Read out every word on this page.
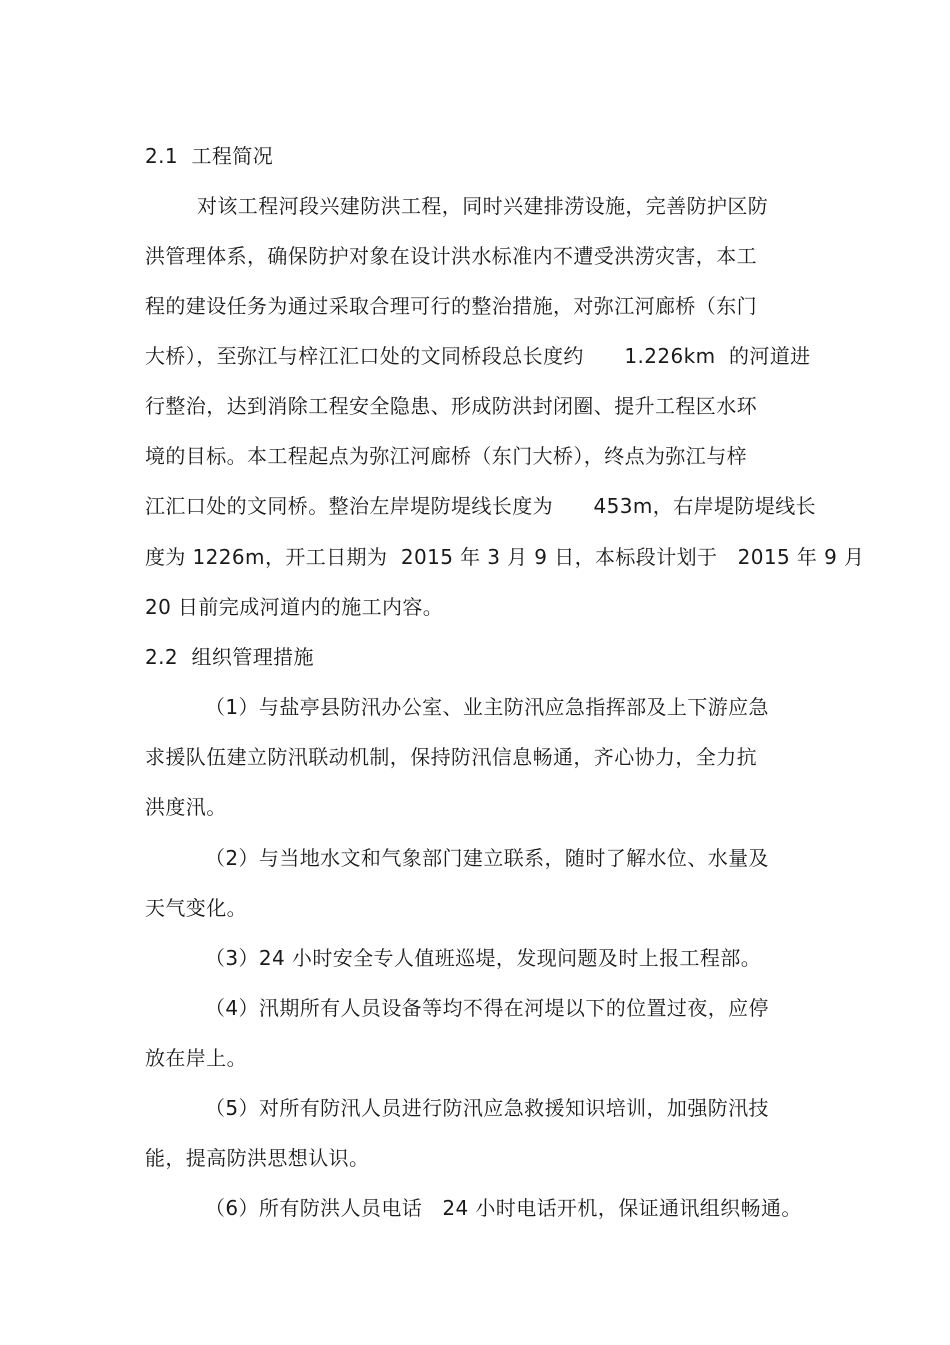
2.1  工程简况
对该工程河段兴建防洪工程，同时兴建排涝设施，完善防护区防
洪管理体系，确保防护对象在设计洪水标准内不遭受洪涝灾害，本工
程的建设任务为通过采取合理可行的整治措施，对弥江河廊桥（东门
大桥），至弥江与梓江汇口处的文同桥段总长度约      1.226km  的河道进
行整治，达到消除工程安全隐患、形成防洪封闭圈、提升工程区水环
境的目标。本工程起点为弥江河廊桥（东门大桥），终点为弥江与梓
江汇口处的文同桥。整治左岸堤防堤线长度为      453m，右岸堤防堤线长
度为 1226m，开工日期为  2015 年 3 月 9 日，本标段计划于   2015 年 9 月
20 日前完成河道内的施工内容。
2.2  组织管理措施
（1）与盐亭县防汛办公室、业主防汛应急指挥部及上下游应急
求援队伍建立防汛联动机制，保持防汛信息畅通，齐心协力，全力抗
洪度汛。
（2）与当地水文和气象部门建立联系，随时了解水位、水量及
天气变化。
（3）24 小时安全专人值班巡堤，发现问题及时上报工程部。
（4）汛期所有人员设备等均不得在河堤以下的位置过夜，应停
放在岸上。
（5）对所有防汛人员进行防汛应急救援知识培训，加强防汛技
能，提高防洪思想认识。
（6）所有防洪人员电话   24 小时电话开机，保证通讯组织畅通。
